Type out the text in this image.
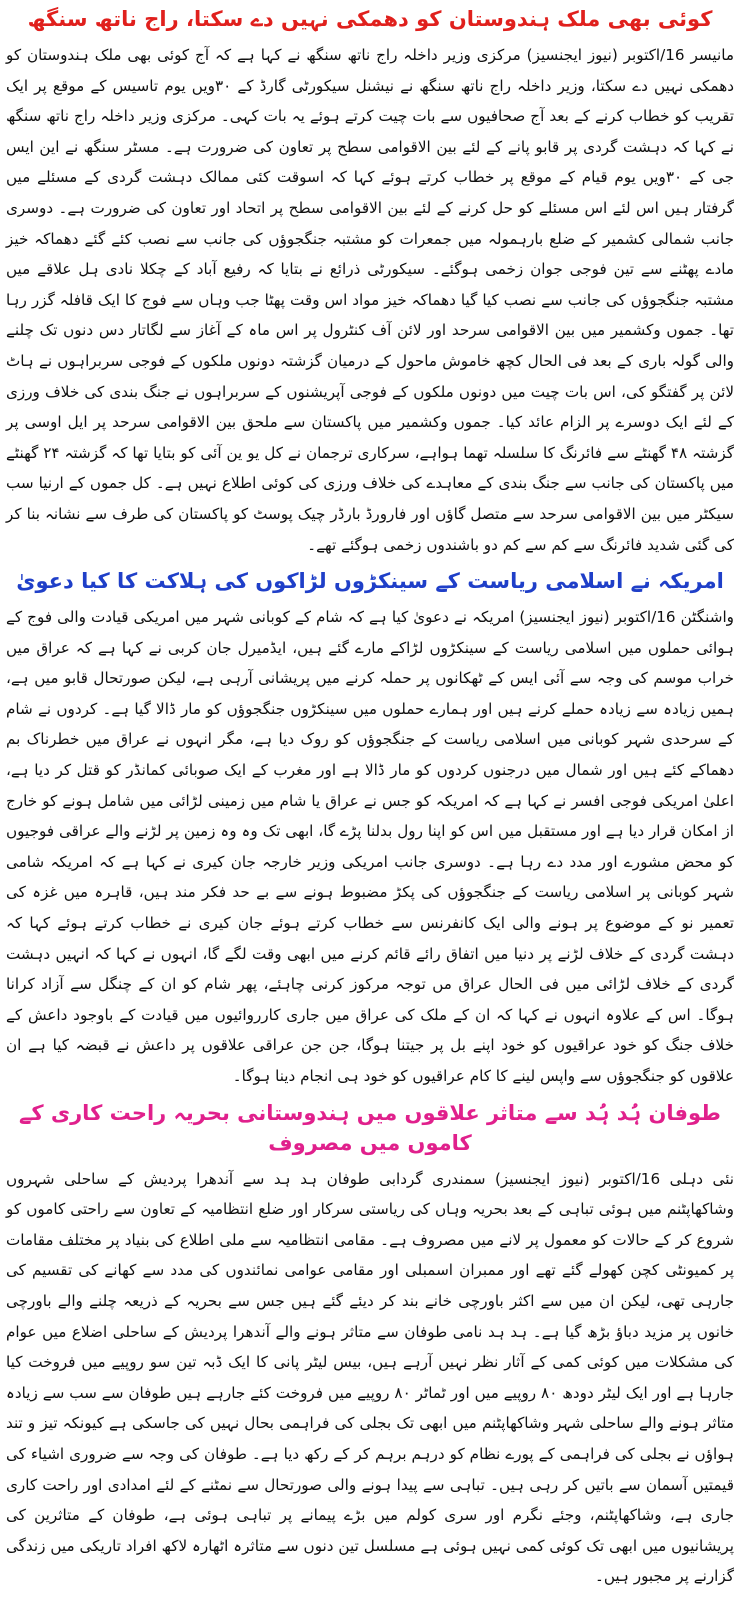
کوئی بھی ملک ہندوستان کو دھمکی نہیں دے سکتا، راج ناتھ سنگھ

مانیسر 16/اکتوبر (نیوز ایجنسیز) مرکزی وزیر داخلہ راج ناتھ سنگھ نے کہا ہے کہ آج کوئی بھی ملک ہندوستان کو دھمکی نہیں دے سکتا، وزیر داخلہ راج ناتھ سنگھ نے نیشنل سیکورٹی گارڈ کے ۳۰ویں یوم تاسیس کے موقع پر ایک تقریب کو خطاب کرنے کے بعد آج صحافیوں سے بات چیت کرتے ہوئے یہ بات کہی۔ مرکزی وزیر داخلہ راج ناتھ سنگھ نے کہا کہ دہشت گردی پر قابو پانے کے لئے بین الاقوامی سطح پر تعاون کی ضرورت ہے۔ مسٹر سنگھ نے این ایس جی کے ۳۰ویں یوم قیام کے موقع پر خطاب کرتے ہوئے کہا کہ اسوقت کئی ممالک دہشت گردی کے مسئلے میں گرفتار ہیں اس لئے اس مسئلے کو حل کرنے کے لئے بین الاقوامی سطح پر اتحاد اور تعاون کی ضرورت ہے۔ دوسری جانب شمالی کشمیر کے ضلع بارہمولہ میں جمعرات کو مشتبہ جنگجوؤں کی جانب سے نصب کئے گئے دھماکہ خیز مادے پھٹنے سے تین فوجی جوان زخمی ہوگئے۔ سیکورٹی ذرائع نے بتایا کہ رفیع آباد کے چکلا نادی ہل علاقے میں مشتبہ جنگجوؤں کی جانب سے نصب کیا گیا دھماکہ خیز مواد اس وقت پھٹا جب وہاں سے فوج کا ایک قافلہ گزر رہا تھا۔ جموں وکشمیر میں بین الاقوامی سرحد اور لائن آف کنٹرول پر اس ماہ کے آغاز سے لگاتار دس دنوں تک چلنے والی گولہ باری کے بعد فی الحال کچھ خاموش ماحول کے درمیان گزشتہ دونوں ملکوں کے فوجی سربراہوں نے ہاٹ لائن پر گفتگو کی، اس بات چیت میں دونوں ملکوں کے فوجی آپریشنوں کے سربراہوں نے جنگ بندی کی خلاف ورزی کے لئے ایک دوسرے پر الزام عائد کیا۔ جموں وکشمیر میں پاکستان سے ملحق بین الاقوامی سرحد پر ایل اوسی پر گزشتہ ۴۸ گھنٹے سے فائرنگ کا سلسلہ تھما ہواہے، سرکاری ترجمان نے کل یو ین آئی کو بتایا تھا کہ گزشتہ ۲۴ گھنٹے میں پاکستان کی جانب سے جنگ بندی کے معاہدے کی خلاف ورزی کی کوئی اطلاع نہیں ہے۔ کل جموں کے ارنیا سب سیکٹر میں بین الاقوامی سرحد سے متصل گاؤں اور فارورڈ بارڈر چیک پوسٹ کو پاکستان کی طرف سے نشانہ بنا کر کی گئی شدید فائرنگ سے کم سے کم دو باشندوں زخمی ہوگئے تھے۔

امریکہ نے اسلامی ریاست کے سینکڑوں لڑاکوں کی ہلاکت کا کیا دعویٰ

واشنگٹن 16/اکتوبر (نیوز ایجنسیز) امریکہ نے دعویٰ کیا ہے کہ شام کے کوبانی شہر میں امریکی قیادت والی فوج کے ہوائی حملوں میں اسلامی ریاست کے سینکڑوں لڑاکے مارے گئے ہیں، ایڈمیرل جان کربی نے کہا ہے کہ عراق میں خراب موسم کی وجہ سے آئی ایس کے ٹھکانوں پر حملہ کرنے میں پریشانی آرہی ہے، لیکن صورتحال قابو میں ہے، ہمیں زیادہ سے زیادہ حملے کرنے ہیں اور ہمارے حملوں میں سینکڑوں جنگجوؤں کو مار ڈالا گیا ہے۔ کردوں نے شام کے سرحدی شہر کوبانی میں اسلامی ریاست کے جنگجوؤں کو روک دیا ہے، مگر انہوں نے عراق میں خطرناک بم دھماکے کئے ہیں اور شمال میں درجنوں کردوں کو مار ڈالا ہے اور مغرب کے ایک صوبائی کمانڈر کو قتل کر دیا ہے، اعلیٰ امریکی فوجی افسر نے کہا ہے کہ امریکہ کو جس نے عراق یا شام میں زمینی لڑائی میں شامل ہونے کو خارج از امکان قرار دیا ہے اور مستقبل میں اس کو اپنا رول بدلنا پڑے گا، ابھی تک وہ وہ زمین پر لڑنے والے عراقی فوجیوں کو محض مشورے اور مدد دے رہا ہے۔ دوسری جانب امریکی وزیر خارجہ جان کیری نے کہا ہے کہ امریکہ شامی شہر کوبانی پر اسلامی ریاست کے جنگجوؤں کی پکڑ مضبوط ہونے سے بے حد فکر مند ہیں، قاہرہ میں غزہ کی تعمیر نو کے موضوع پر ہونے والی ایک کانفرنس سے خطاب کرتے ہوئے جان کیری نے خطاب کرتے ہوئے کہا کہ دہشت گردی کے خلاف لڑنے پر دنیا میں اتفاق رائے قائم کرنے میں ابھی وقت لگے گا، انہوں نے کہا کہ انہیں دہشت گردی کے خلاف لڑائی میں فی الحال عراق مں توجہ مرکوز کرنی چاہئے، پھر شام کو ان کے چنگل سے آزاد کرانا ہوگا۔ اس کے علاوہ انہوں نے کہا کہ ان کے ملک کی عراق میں جاری کارروائیوں میں قیادت کے باوجود داعش کے خلاف جنگ کو خود عراقیوں کو خود اپنے بل پر جیتنا ہوگا، جن جن عراقی علاقوں پر داعش نے قبضہ کیا ہے ان علاقوں کو جنگجوؤں سے واپس لینے کا کام عراقیوں کو خود ہی انجام دینا ہوگا۔

طوفان ہُد ہُد سے متاثر علاقوں میں ہندوستانی بحریہ راحت کاری کے کاموں میں مصروف

نئی دہلی 16/اکتوبر (نیوز ایجنسیز) سمندری گردابی طوفان ہد ہد سے آندھرا پردیش کے ساحلی شہروں وشاکھاپٹنم میں ہوئی تباہی کے بعد بحریہ وہاں کی ریاستی سرکار اور ضلع انتظامیہ کے تعاون سے راحتی کاموں کو شروع کر کے حالات کو معمول پر لانے میں مصروف ہے۔ مقامی انتظامیہ سے ملی اطلاع کی بنیاد پر مختلف مقامات پر کمیونٹی کچن کھولے گئے تھے اور ممبران اسمبلی اور مقامی عوامی نمائندوں کی مدد سے کھانے کی تقسیم کی جارہی تھی، لیکن ان میں سے اکثر باورچی خانے بند کر دیئے گئے ہیں جس سے بحریہ کے ذریعہ چلنے والے باورچی خانوں پر مزید دباؤ بڑھ گیا ہے۔ ہد ہد نامی طوفان سے متاثر ہونے والے آندھرا پردیش کے ساحلی اضلاع میں عوام کی مشکلات میں کوئی کمی کے آثار نظر نہیں آرہے ہیں، بیس لیٹر پانی کا ایک ڈبہ تین سو روپیے میں فروخت کیا جارہا ہے اور ایک لیٹر دودھ ۸۰ روپیے میں اور ٹماٹر ۸۰ روپیے میں فروخت کئے جارہے ہیں طوفان سے سب سے زیادہ متاثر ہونے والے ساحلی شہر وشاکھاپٹنم میں ابھی تک بجلی کی فراہمی بحال نہیں کی جاسکی ہے کیونکہ تیز و تند ہواؤں نے بجلی کی فراہمی کے پورے نظام کو درہم برہم کر کے رکھ دیا ہے۔ طوفان کی وجہ سے ضروری اشیاء کی قیمتیں آسمان سے باتیں کر رہی ہیں۔ تباہی سے پیدا ہونے والی صورتحال سے نمٹنے کے لئے امدادی اور راحت کاری جاری ہے، وشاکھاپٹنم، وجئے نگرم اور سری کولم میں بڑے پیمانے پر تباہی ہوئی ہے، طوفان کے متاثرین کی پریشانیوں میں ابھی تک کوئی کمی نہیں ہوئی ہے مسلسل تین دنوں سے متاثرہ اٹھارہ لاکھ افراد تاریکی میں زندگی گزارنے پر مجبور ہیں۔
